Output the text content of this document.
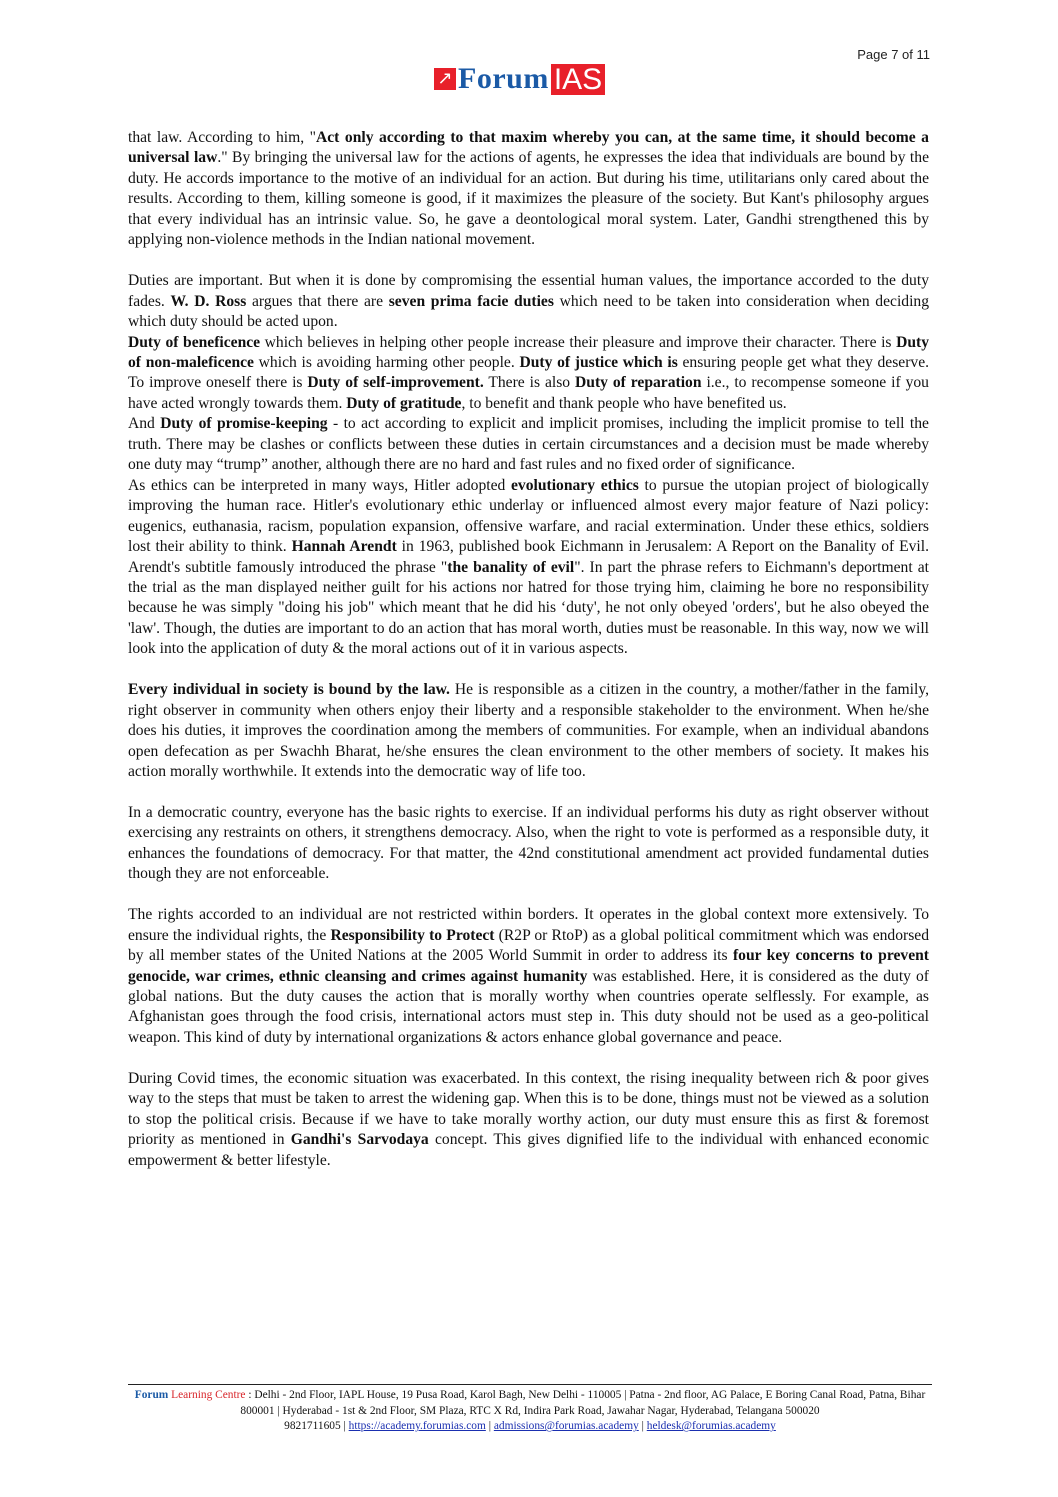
Page 7 of 11
↗ Forum IAS

that law. According to him, "Act only according to that maxim whereby you can, at the same time, it should become a universal law." By bringing the universal law for the actions of agents, he expresses the idea that individuals are bound by the duty. He accords importance to the motive of an individual for an action. But during his time, utilitarians only cared about the results. According to them, killing someone is good, if it maximizes the pleasure of the society. But Kant's philosophy argues that every individual has an intrinsic value. So, he gave a deontological moral system. Later, Gandhi strengthened this by applying non-violence methods in the Indian national movement.

Duties are important. But when it is done by compromising the essential human values, the importance accorded to the duty fades. W. D. Ross argues that there are seven prima facie duties which need to be taken into consideration when deciding which duty should be acted upon.

Duty of beneficence which believes in helping other people increase their pleasure and improve their character. There is Duty of non-maleficence which is avoiding harming other people. Duty of justice which is ensuring people get what they deserve. To improve oneself there is Duty of self-improvement. There is also Duty of reparation i.e., to recompense someone if you have acted wrongly towards them. Duty of gratitude, to benefit and thank people who have benefited us.

And Duty of promise-keeping - to act according to explicit and implicit promises, including the implicit promise to tell the truth. There may be clashes or conflicts between these duties in certain circumstances and a decision must be made whereby one duty may “trump” another, although there are no hard and fast rules and no fixed order of significance.

As ethics can be interpreted in many ways, Hitler adopted evolutionary ethics to pursue the utopian project of biologically improving the human race. Hitler's evolutionary ethic underlay or influenced almost every major feature of Nazi policy: eugenics, euthanasia, racism, population expansion, offensive warfare, and racial extermination. Under these ethics, soldiers lost their ability to think. Hannah Arendt in 1963, published book Eichmann in Jerusalem: A Report on the Banality of Evil. Arendt's subtitle famously introduced the phrase "the banality of evil". In part the phrase refers to Eichmann's deportment at the trial as the man displayed neither guilt for his actions nor hatred for those trying him, claiming he bore no responsibility because he was simply "doing his job" which meant that he did his ‘duty', he not only obeyed 'orders', but he also obeyed the 'law'. Though, the duties are important to do an action that has moral worth, duties must be reasonable. In this way, now we will look into the application of duty & the moral actions out of it in various aspects.

Every individual in society is bound by the law. He is responsible as a citizen in the country, a mother/father in the family, right observer in community when others enjoy their liberty and a responsible stakeholder to the environment. When he/she does his duties, it improves the coordination among the members of communities. For example, when an individual abandons open defecation as per Swachh Bharat, he/she ensures the clean environment to the other members of society. It makes his action morally worthwhile. It extends into the democratic way of life too.

In a democratic country, everyone has the basic rights to exercise. If an individual performs his duty as right observer without exercising any restraints on others, it strengthens democracy. Also, when the right to vote is performed as a responsible duty, it enhances the foundations of democracy. For that matter, the 42nd constitutional amendment act provided fundamental duties though they are not enforceable.

The rights accorded to an individual are not restricted within borders. It operates in the global context more extensively. To ensure the individual rights, the Responsibility to Protect (R2P or RtoP) as a global political commitment which was endorsed by all member states of the United Nations at the 2005 World Summit in order to address its four key concerns to prevent genocide, war crimes, ethnic cleansing and crimes against humanity was established. Here, it is considered as the duty of global nations. But the duty causes the action that is morally worthy when countries operate selflessly. For example, as Afghanistan goes through the food crisis, international actors must step in. This duty should not be used as a geo-political weapon. This kind of duty by international organizations & actors enhance global governance and peace.

During Covid times, the economic situation was exacerbated. In this context, the rising inequality between rich & poor gives way to the steps that must be taken to arrest the widening gap. When this is to be done, things must not be viewed as a solution to stop the political crisis. Because if we have to take morally worthy action, our duty must ensure this as first & foremost priority as mentioned in Gandhi's Sarvodaya concept. This gives dignified life to the individual with enhanced economic empowerment & better lifestyle.

Forum Learning Centre : Delhi - 2nd Floor, IAPL House, 19 Pusa Road, Karol Bagh, New Delhi - 110005 | Patna - 2nd floor, AG Palace, E Boring Canal Road, Patna, Bihar 800001 | Hyderabad - 1st & 2nd Floor, SM Plaza, RTC X Rd, Indira Park Road, Jawahar Nagar, Hyderabad, Telangana 500020
9821711605 | https://academy.forumias.com | admissions@forumias.academy | heldesk@forumias.academy
